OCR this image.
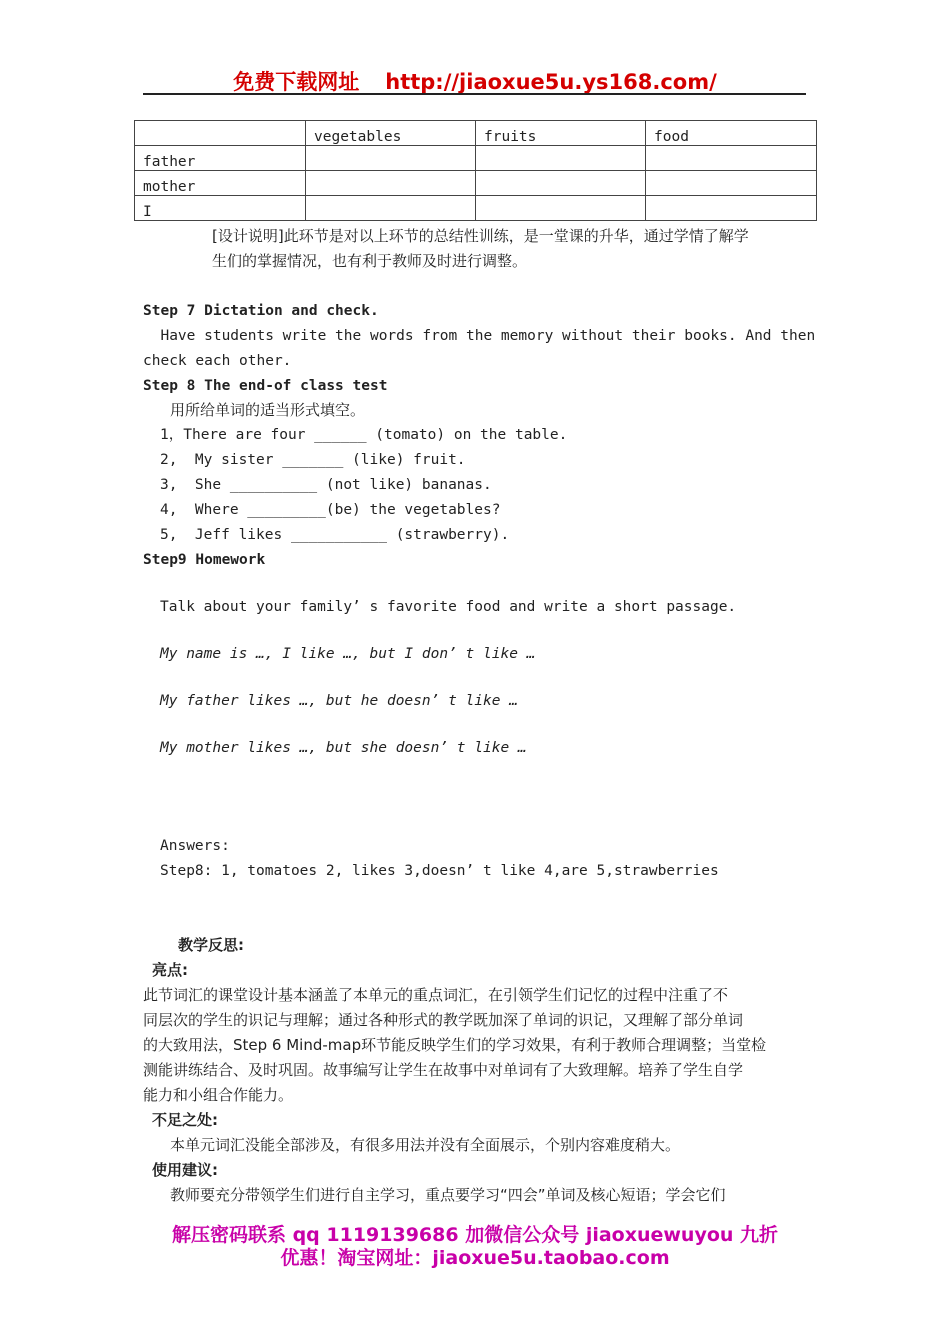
免费下载网址 http://jiaoxue5u.ys168.com/
	vegetables	fruits	food
father			
mother			
I			
[设计说明]此环节是对以上环节的总结性训练，是一堂课的升华，通过学情了解学
生们的掌握情况，也有利于教师及时进行调整。
Step 7 Dictation and check.
Have students write the words from the memory without their books. And then
check each other.
Step 8 The end-of class test
用所给单词的适当形式填空。
1，There are four ______ (tomato) on the table.
2,  My sister _______ (like) fruit.
3,  She __________ (not like) bananas.
4,  Where _________(be) the vegetables?
5,  Jeff likes ___________ (strawberry).
Step9 Homework
Talk about your family’ s favorite food and write a short passage.
My name is …, I like …, but I don’ t like …
My father likes …, but he doesn’ t like …
My mother likes …, but she doesn’ t like …
Answers:
Step8: 1, tomatoes 2, likes 3,doesn’ t like 4,are 5,strawberries
教学反思:
亮点:
此节词汇的课堂设计基本涵盖了本单元的重点词汇，在引领学生们记忆的过程中注重了不
同层次的学生的识记与理解；通过各种形式的教学既加深了单词的识记，又理解了部分单词
的大致用法，Step 6 Mind-map环节能反映学生们的学习效果，有利于教师合理调整；当堂检
测能讲练结合、及时巩固。故事编写让学生在故事中对单词有了大致理解。培养了学生自学
能力和小组合作能力。
不足之处:
本单元词汇没能全部涉及，有很多用法并没有全面展示，个别内容难度稍大。
使用建议:
教师要充分带领学生们进行自主学习，重点要学习“四会”单词及核心短语；学会它们
解压密码联系 qq 1119139686 加微信公众号 jiaoxuewuyou 九折
优惠！淘宝网址：jiaoxue5u.taobao.com
